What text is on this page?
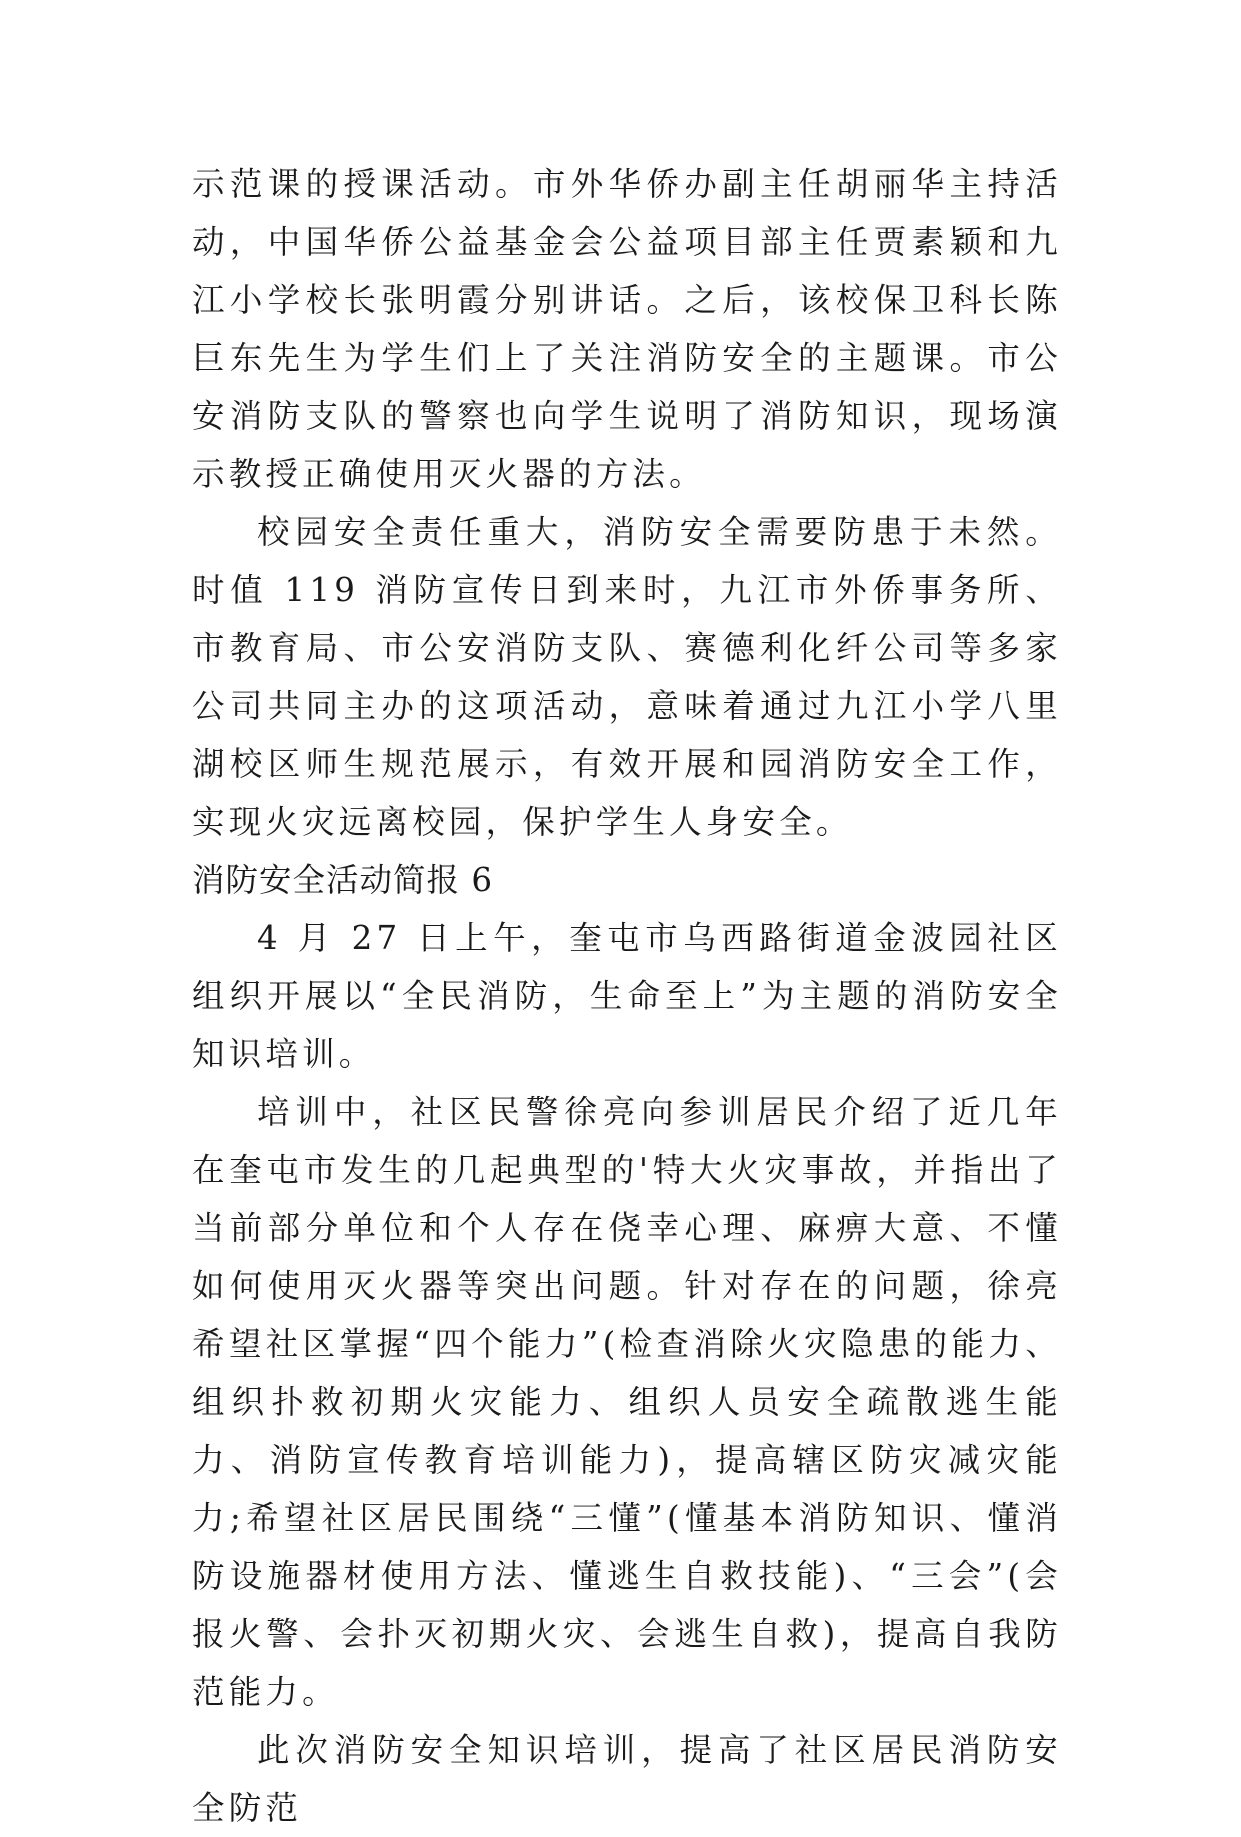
示范课的授课活动。市外华侨办副主任胡丽华主持活动，中国华侨公益基金会公益项目部主任贾素颖和九江小学校长张明霞分别讲话。之后，该校保卫科长陈巨东先生为学生们上了关注消防安全的主题课。市公安消防支队的警察也向学生说明了消防知识，现场演示教授正确使用灭火器的方法。

校园安全责任重大，消防安全需要防患于未然。时值 119 消防宣传日到来时，九江市外侨事务所、市教育局、市公安消防支队、赛德利化纤公司等多家公司共同主办的这项活动，意味着通过九江小学八里湖校区师生规范展示，有效开展和园消防安全工作，实现火灾远离校园，保护学生人身安全。

消防安全活动简报 6

4 月 27 日上午，奎屯市乌西路街道金波园社区组织开展以“全民消防，生命至上”为主题的消防安全知识培训。

培训中，社区民警徐亮向参训居民介绍了近几年在奎屯市发生的几起典型的'特大火灾事故，并指出了当前部分单位和个人存在侥幸心理、麻痹大意、不懂如何使用灭火器等突出问题。针对存在的问题，徐亮希望社区掌握“四个能力”(检查消除火灾隐患的能力、组织扑救初期火灾能力、组织人员安全疏散逃生能力、消防宣传教育培训能力)，提高辖区防灾减灾能力;希望社区居民围绕“三懂”(懂基本消防知识、懂消防设施器材使用方法、懂逃生自救技能)、“三会”(会报火警、会扑灭初期火灾、会逃生自救)，提高自我防范能力。

此次消防安全知识培训，提高了社区居民消防安全防范
